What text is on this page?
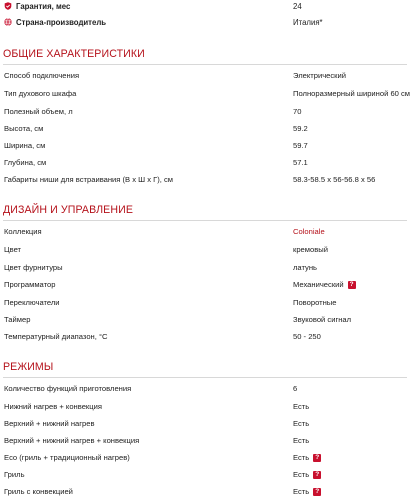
Гарантия, мес	24
Страна-производитель	Италия*
ОБЩИЕ ХАРАКТЕРИСТИКИ
Способ подключения	Электрический
Тип духового шкафа	Полноразмерный шириной 60 см
Полезный объем, л	70
Высота, см	59.2
Ширина, см	59.7
Глубина, см	57.1
Габариты ниши для встраивания (В х Ш х Г), см	58.3-58.5 x 56-56.8 x 56
ДИЗАЙН И УПРАВЛЕНИЕ
Коллекция	Coloniale
Цвет	кремовый
Цвет фурнитуры	латунь
Программатор	Механический ?
Переключатели	Поворотные
Таймер	Звуковой сигнал
Температурный диапазон, °C	50 - 250
РЕЖИМЫ
Количество функций приготовления	6
Нижний нагрев + конвекция	Есть
Верхний + нижний нагрев	Есть
Верхний + нижний нагрев + конвекция	Есть
Eco (гриль + традиционный нагрев)	Есть ?
Гриль	Есть ?
Гриль с конвекцией	Есть ?
